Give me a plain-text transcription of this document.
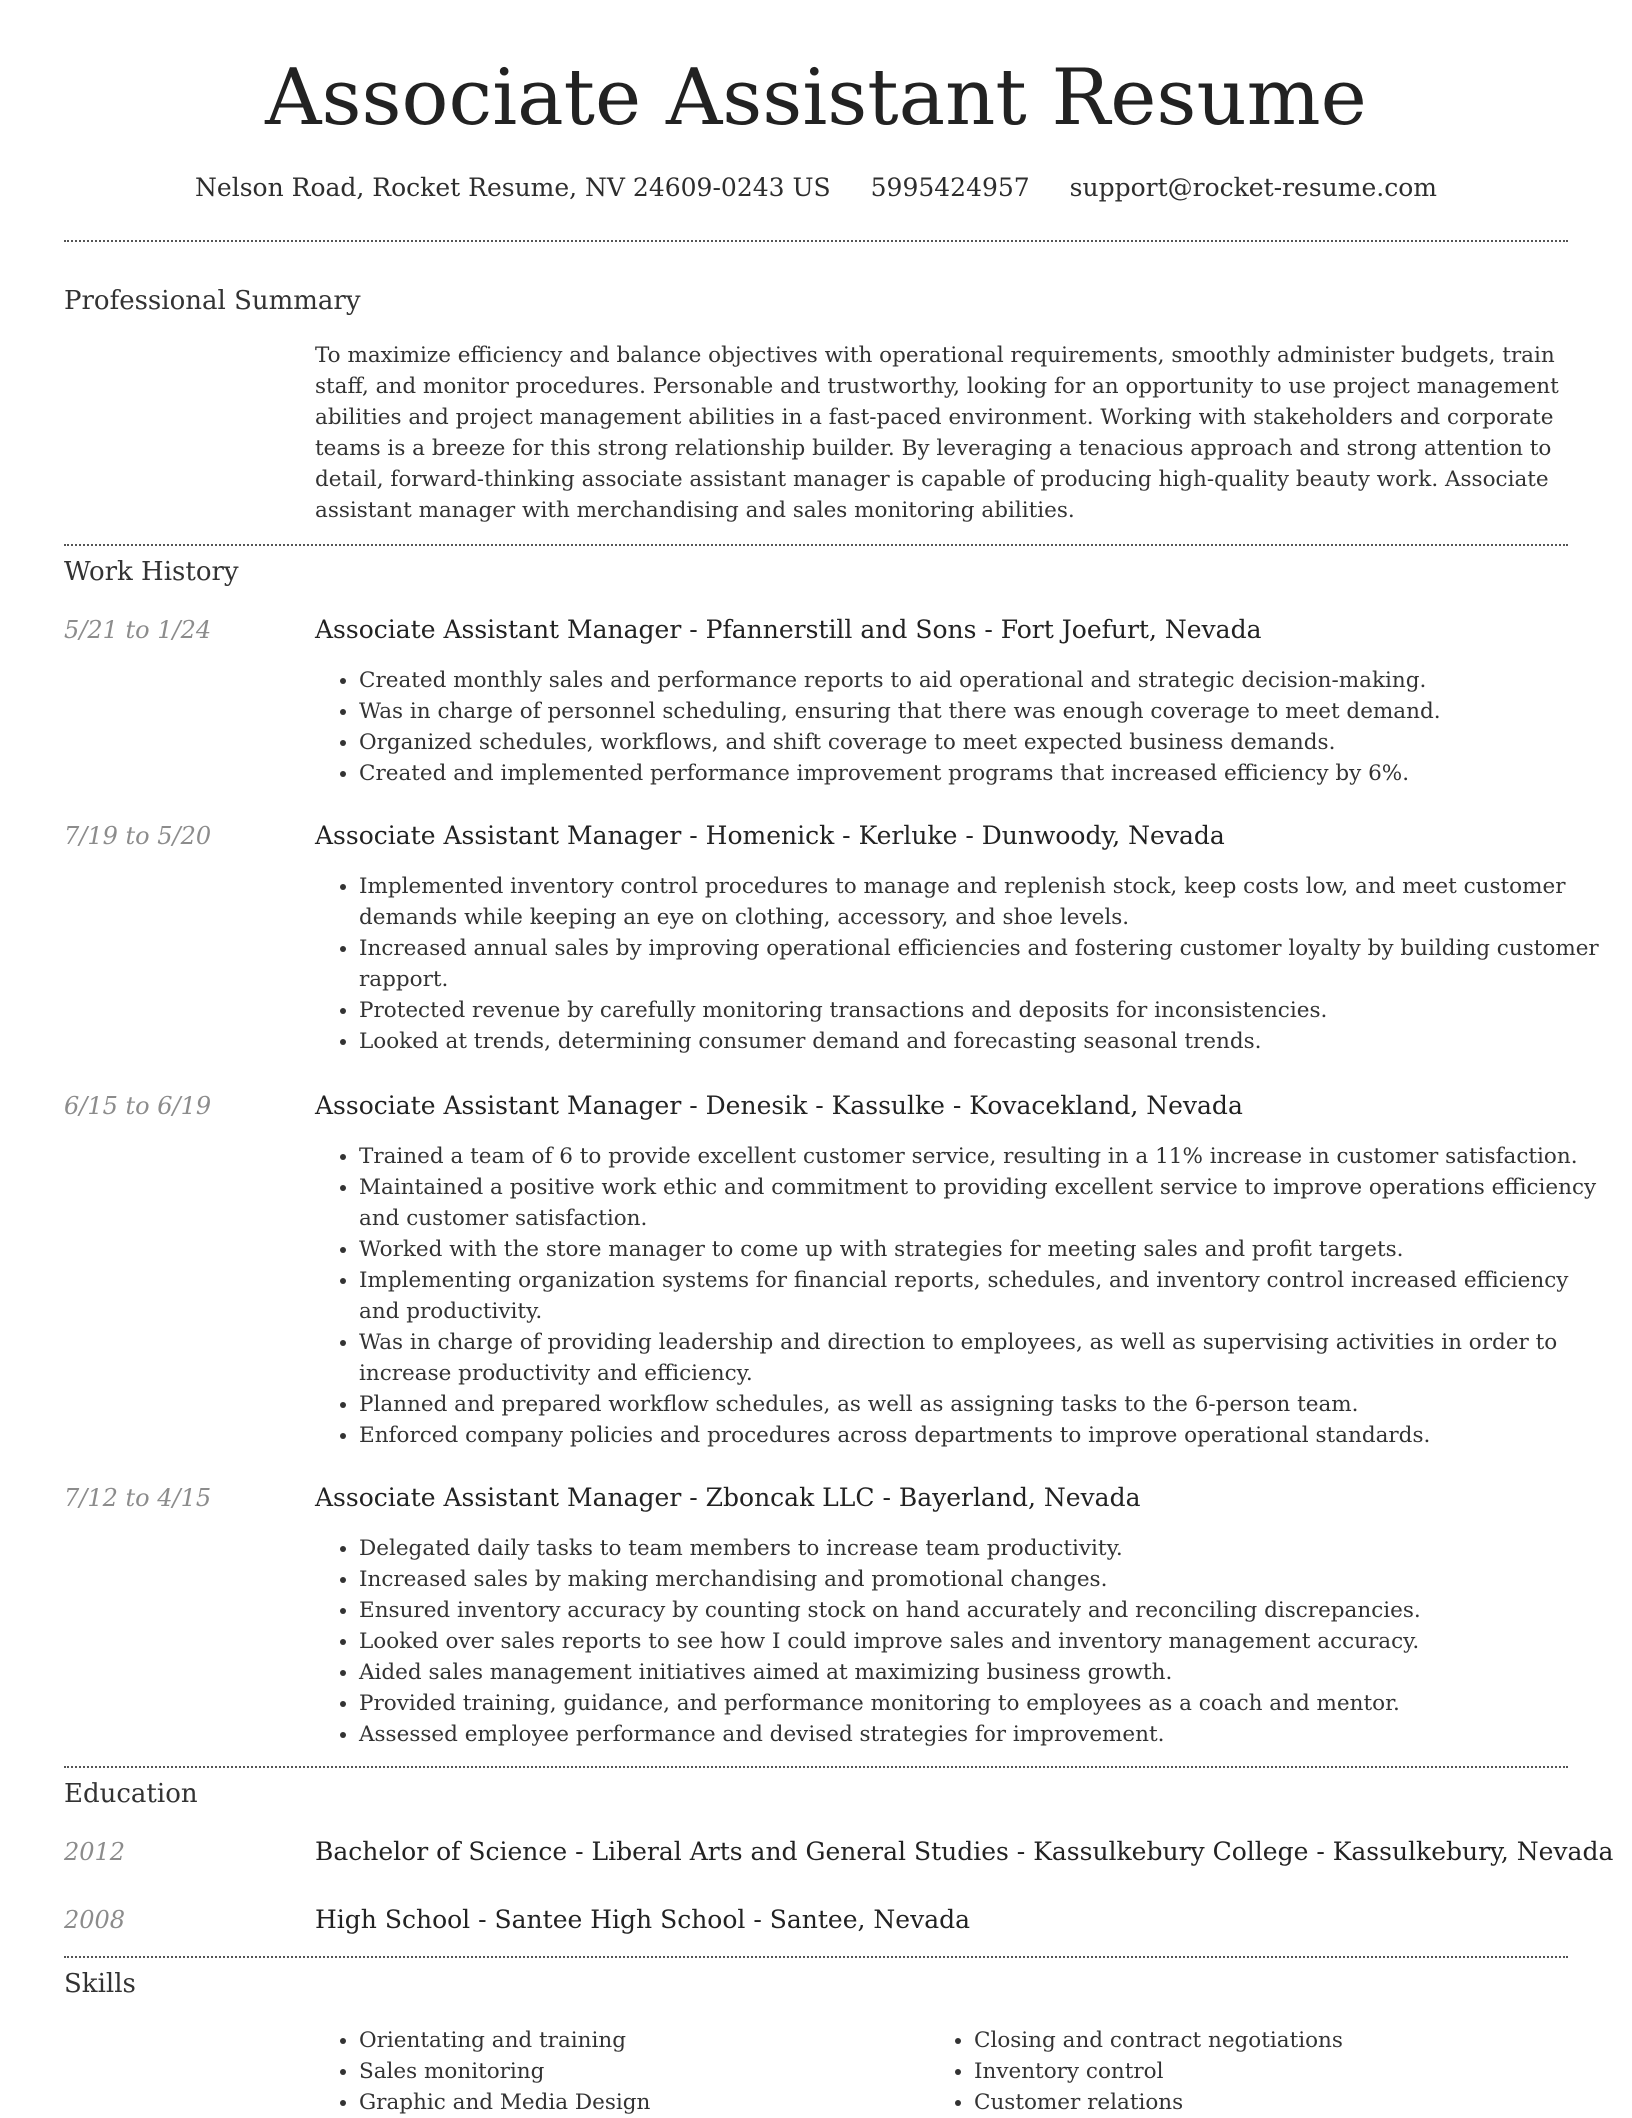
Associate Assistant Resume
Nelson Road, Rocket Resume, NV 24609-0243 US 5995424957 support@rocket-resume.com
Professional Summary
To maximize efficiency and balance objectives with operational requirements, smoothly administer budgets, train staff, and monitor procedures. Personable and trustworthy, looking for an opportunity to use project management abilities and project management abilities in a fast-paced environment. Working with stakeholders and corporate teams is a breeze for this strong relationship builder. By leveraging a tenacious approach and strong attention to detail, forward-thinking associate assistant manager is capable of producing high-quality beauty work. Associate assistant manager with merchandising and sales monitoring abilities.
Work History
5/21 to 1/24	Associate Assistant Manager - Pfannerstill and Sons - Fort Joefurt, Nevada
• Created monthly sales and performance reports to aid operational and strategic decision-making.
• Was in charge of personnel scheduling, ensuring that there was enough coverage to meet demand.
• Organized schedules, workflows, and shift coverage to meet expected business demands.
• Created and implemented performance improvement programs that increased efficiency by 6%.
7/19 to 5/20	Associate Assistant Manager - Homenick - Kerluke - Dunwoody, Nevada
• Implemented inventory control procedures to manage and replenish stock, keep costs low, and meet customer demands while keeping an eye on clothing, accessory, and shoe levels.
• Increased annual sales by improving operational efficiencies and fostering customer loyalty by building customer rapport.
• Protected revenue by carefully monitoring transactions and deposits for inconsistencies.
• Looked at trends, determining consumer demand and forecasting seasonal trends.
6/15 to 6/19	Associate Assistant Manager - Denesik - Kassulke - Kovacekland, Nevada
• Trained a team of 6 to provide excellent customer service, resulting in a 11% increase in customer satisfaction.
• Maintained a positive work ethic and commitment to providing excellent service to improve operations efficiency and customer satisfaction.
• Worked with the store manager to come up with strategies for meeting sales and profit targets.
• Implementing organization systems for financial reports, schedules, and inventory control increased efficiency and productivity.
• Was in charge of providing leadership and direction to employees, as well as supervising activities in order to increase productivity and efficiency.
• Planned and prepared workflow schedules, as well as assigning tasks to the 6-person team.
• Enforced company policies and procedures across departments to improve operational standards.
7/12 to 4/15	Associate Assistant Manager - Zboncak LLC - Bayerland, Nevada
• Delegated daily tasks to team members to increase team productivity.
• Increased sales by making merchandising and promotional changes.
• Ensured inventory accuracy by counting stock on hand accurately and reconciling discrepancies.
• Looked over sales reports to see how I could improve sales and inventory management accuracy.
• Aided sales management initiatives aimed at maximizing business growth.
• Provided training, guidance, and performance monitoring to employees as a coach and mentor.
• Assessed employee performance and devised strategies for improvement.
Education
2012	Bachelor of Science - Liberal Arts and General Studies - Kassulkebury College - Kassulkebury, Nevada
2008	High School - Santee High School - Santee, Nevada
Skills
• Orientating and training
• Sales monitoring
• Graphic and Media Design
• Closing and contract negotiations
• Inventory control
• Customer relations
